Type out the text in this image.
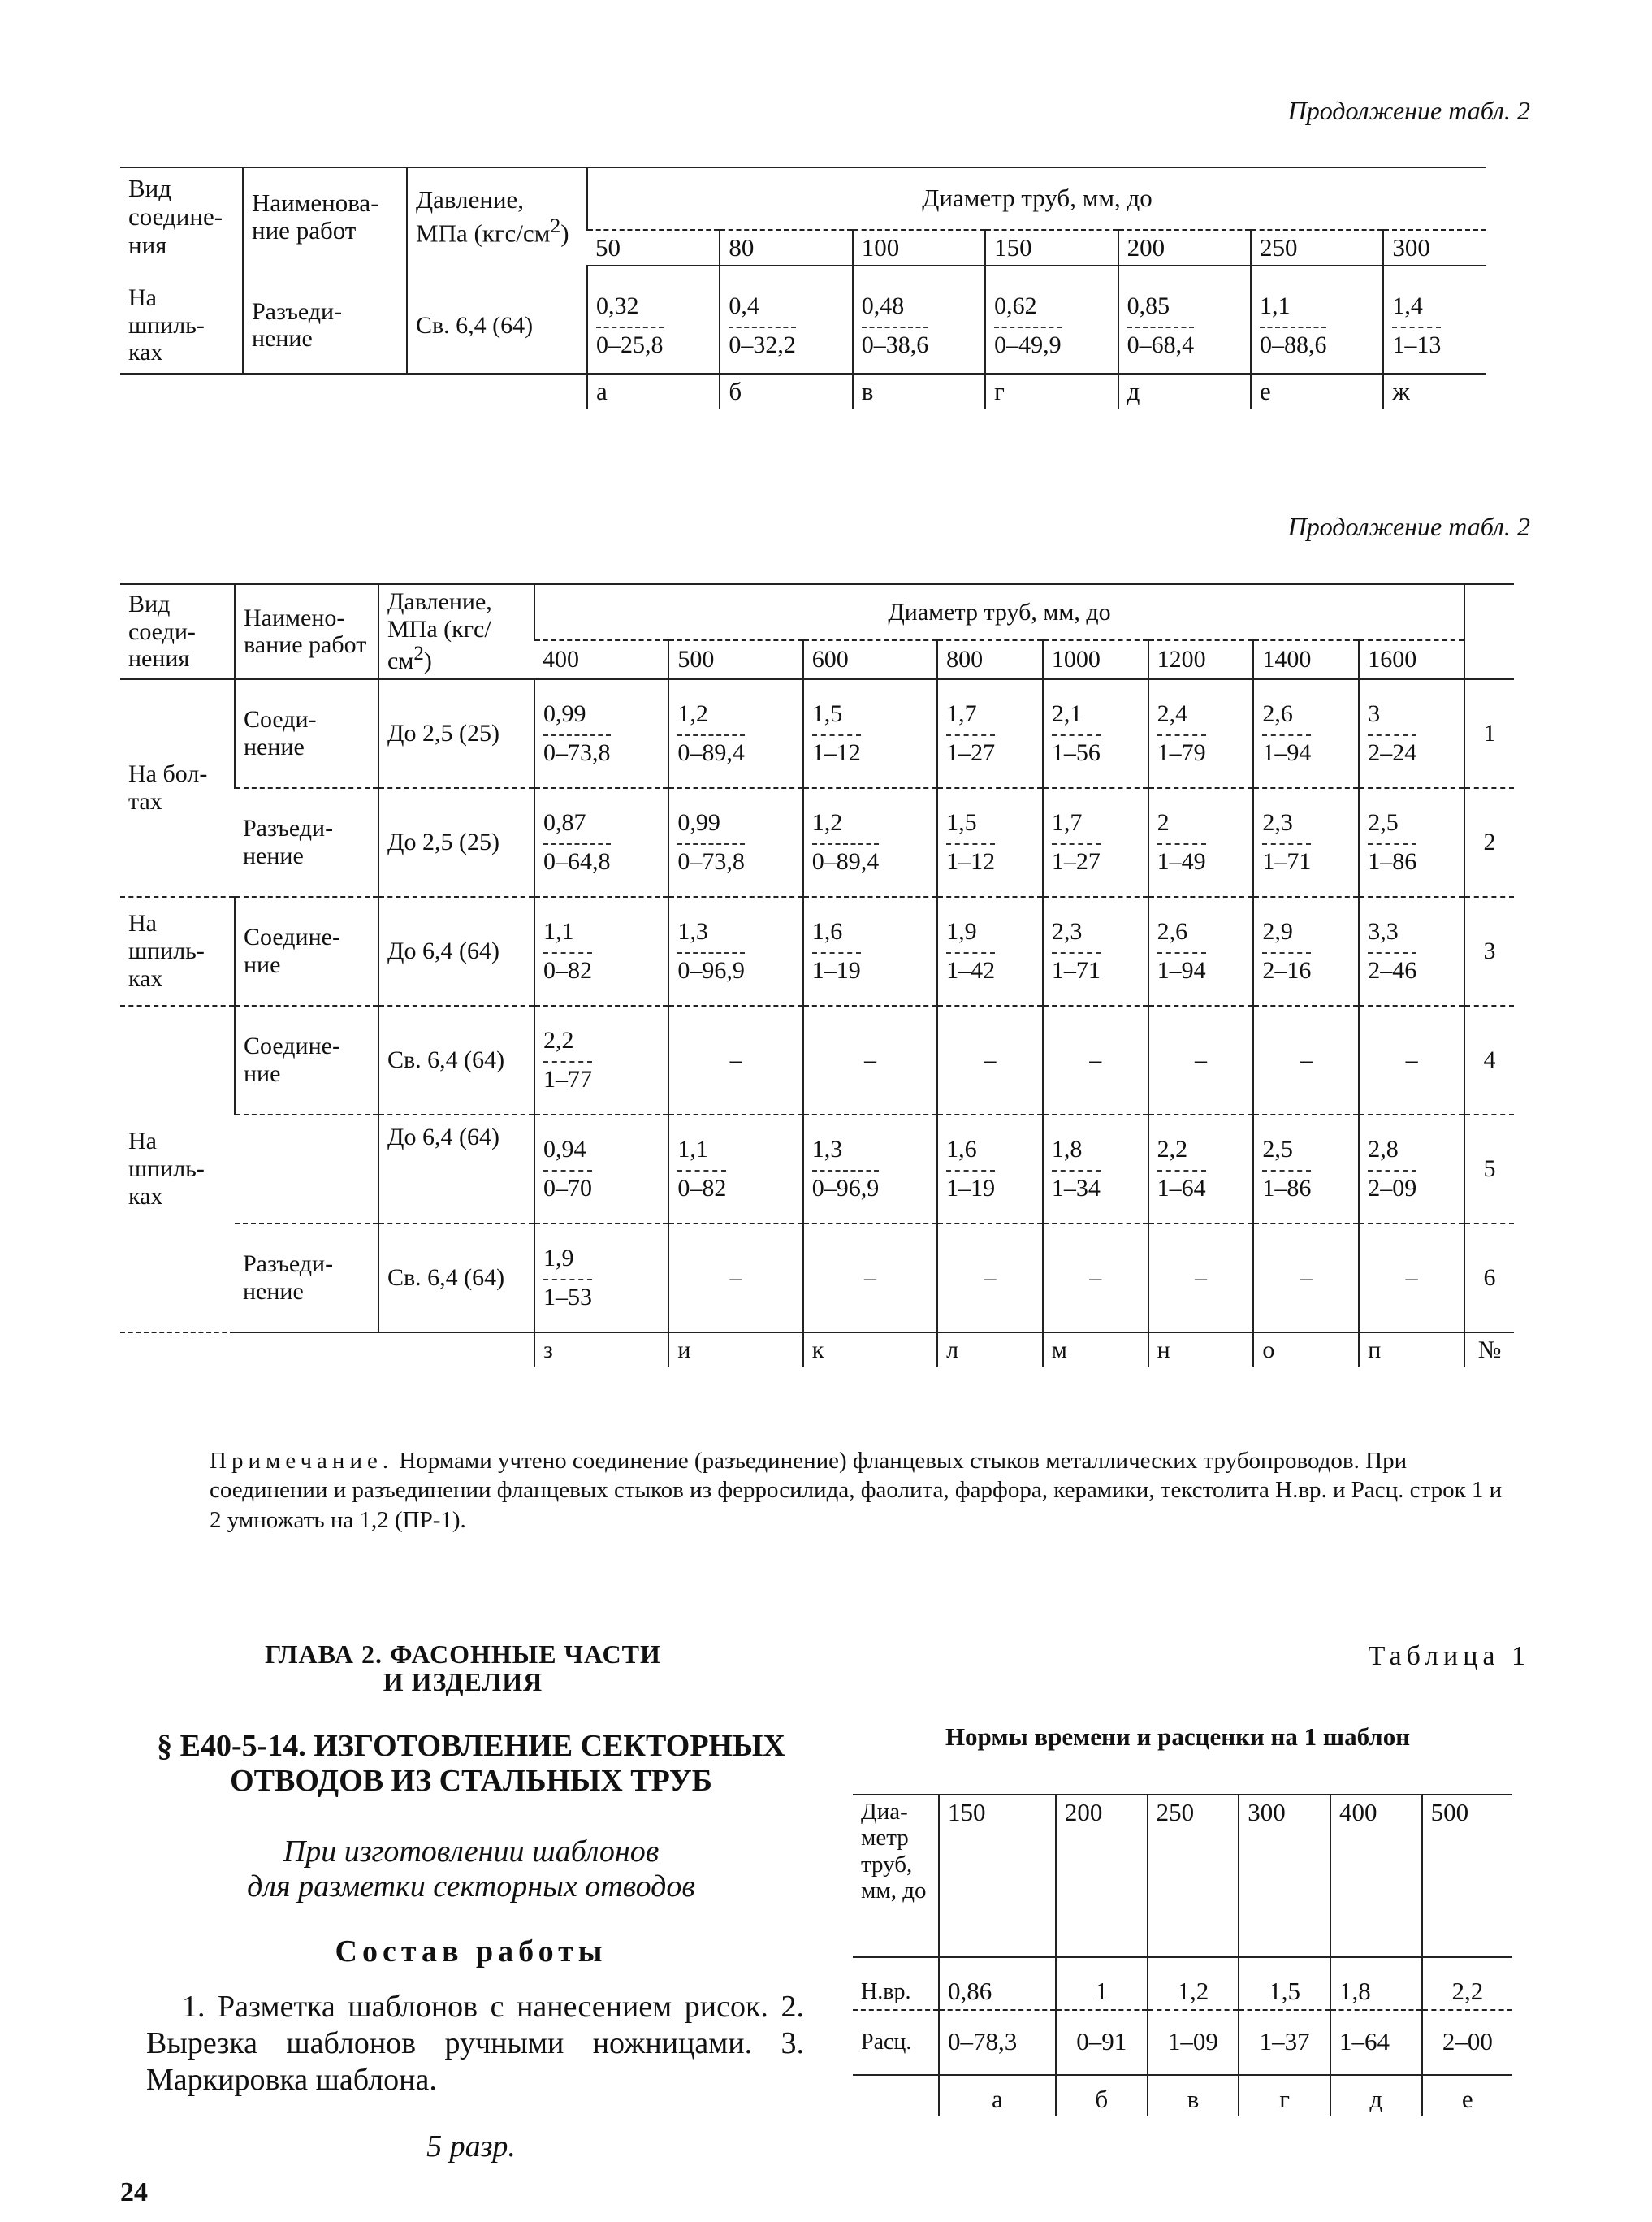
Продолжение табл. 2
Вид соедине- ния	Наименова- ние работ	Давление, МПа $(кгс/см^2)$	Диаметр труб, мм, до						
			50	80	100	150	200	250	300
На шпиль- ках	Разъеди- нение	Св. 6,4 (64)	$\frac{0,32}{0-25,8}$	$\frac{0,4}{0-32,2}$	$\frac{0,48}{0-38,6}$	$\frac{0,62}{0-49,9}$	$\frac{0,85}{0-68,4}$	$\frac{1,1}{0-88,6}$	$\frac{1,4}{1-13}$

			а	б	в	г	д	е	ж
Продолжение табл. 2
Вид соеди- нения	Наимено- вание работ	Давление, МПа $(кгс/см^2)$	Диаметр труб, мм, до								
			400	500	600	800	1000	1200	1400	1600	
На бол- тах	Соеди- нение	До 2,5 (25)	$\frac{0,99}{0-73,8}$	$\frac{1,2}{0-89,4}$	$\frac{1,5}{1-12}$	$\frac{1,7}{1-27}$	$\frac{2,1}{1-56}$	$\frac{2,4}{1-79}$	$\frac{2,6}{1-94}$	$\frac{3}{2-24}$	1
	Разъеди- нение	До 2,5 (25)	$\frac{0,87}{0-64,8}$	$\frac{0,99}{0-73,8}$	$\frac{1,2}{0-89,4}$	$\frac{1,5}{1-12}$	$\frac{1,7}{1-27}$	$\frac{2}{1-49}$	$\frac{2,3}{1-71}$	$\frac{2,5}{1-86}$	2
На шпиль- ках	Соедине- ние	До 6,4 (64)	$\frac{1,1}{0-82}$	$\frac{1,3}{0-96,9}$	$\frac{1,6}{1-19}$	$\frac{1,9}{1-42}$	$\frac{2,3}{1-71}$	$\frac{2,6}{1-94}$	$\frac{2,9}{2-16}$	$\frac{3,3}{2-46}$	3
На шпиль- ках	Соедине- ние	Св. 6,4 (64)	$\frac{2,2}{1-77}$	–	–	–	–	–	–	–	4
		До 6,4 (64)	$\frac{0,94}{0-70}$	$\frac{1,1}{0-82}$	$\frac{1,3}{0-96,9}$	$\frac{1,6}{1-19}$	$\frac{1,8}{1-34}$	$\frac{2,2}{1-64}$	$\frac{2,5}{1-86}$	$\frac{2,8}{2-09}$	5
	Разъеди- нение	Св. 6,4 (64)	$\frac{1,9}{1-53}$	–	–	–	–	–	–	–	6
			з	и	к	л	м	н	о	п	№
Примечание. Нормами учтено соединение (разъединение) фланцевых стыков металлических трубопроводов. При соединении и разъединении фланцевых стыков из ферросилида, фаолита, фарфора, керамики, текстолита Н.вр. и Расц. строк 1 и 2 умножать на 1,2 (ПР-1).
ГЛАВА 2. ФАСОННЫЕ ЧАСТИ
И ИЗДЕЛИЯ
§ Е40-5-14. ИЗГОТОВЛЕНИЕ СЕКТОРНЫХ
ОТВОДОВ ИЗ СТАЛЬНЫХ ТРУБ
При изготовлении шаблонов
для разметки секторных отводов
Состав работы
1. Разметка шаблонов с нанесением рисок. 2. Вырезка шаблонов ручными ножницами. 3. Маркировка шаблона.
5 разр.
24
Таблица 1
Нормы времени и расценки на 1 шаблон
Диа- метр труб, мм, до	150	200	250	300	400	500
Н.вр.	0,86	1	1,2	1,5	1,8	2,2
Расц.	0–78,3	0–91	1–09	1–37	1–64	2–00
	а	б	в	г	д	е
